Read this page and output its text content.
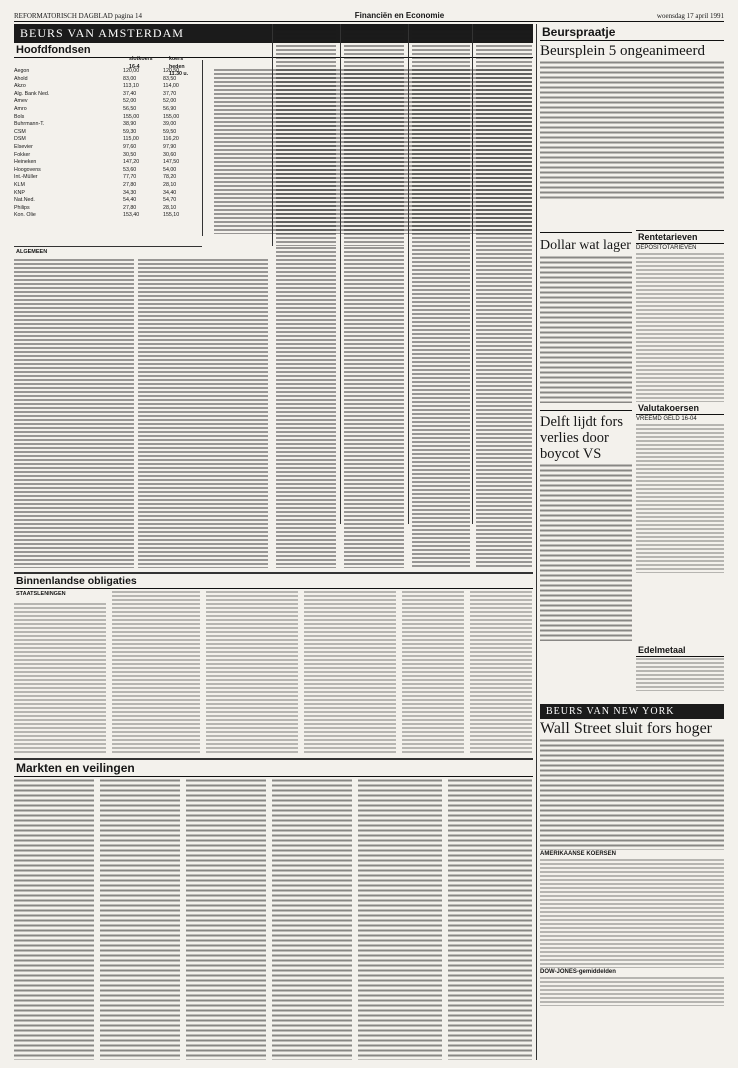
REFORMATORISCH DAGBLAD pagina 14	Financiën en Economie	woensdag 17 april 1991
BEURS VAN AMSTERDAM
Hoofdfondsen
slotkoers 16-4
koers heden 11.30 u.
Aegon	120,00	120,50
Ahold	83,00	83,50
Akzo	113,10	114,00
Alg. Bank Ned.	37,40	37,70
Amev	52,00	52,00
Amro	56,50	56,90
Bols	155,00	155,00
Buhrmann-T.	38,90	39,00
CSM	59,30	59,50
DSM	115,00	116,20
Elsevier	97,60	97,90
Fokker	30,50	30,60
Heineken	147,20	147,50
Hoogovens	53,60	54,00
Int.-Müller	77,70	78,20
KLM	27,80	28,10
KNP	34,30	34,40
Nat.Ned.	54,40	54,70
Philips	27,80	28,10
Kon. Olie	153,40	155,10
ALGEMEEN
Binnenlandse obligaties
STAATSLENINGEN
Markten en veilingen
Beurspraatje
Beursplein 5 ongeanimeerd
Dollar wat lager
Rentetarieven
DEPOSITOTARIEVEN
Valutakoersen
VREEMD GELD 16-04
Delft lijdt fors verlies door boycot VS
Edelmetaal
BEURS VAN NEW YORK
Wall Street sluit fors hoger
AMERIKAANSE KOERSEN
DOW-JONES-gemiddelden
